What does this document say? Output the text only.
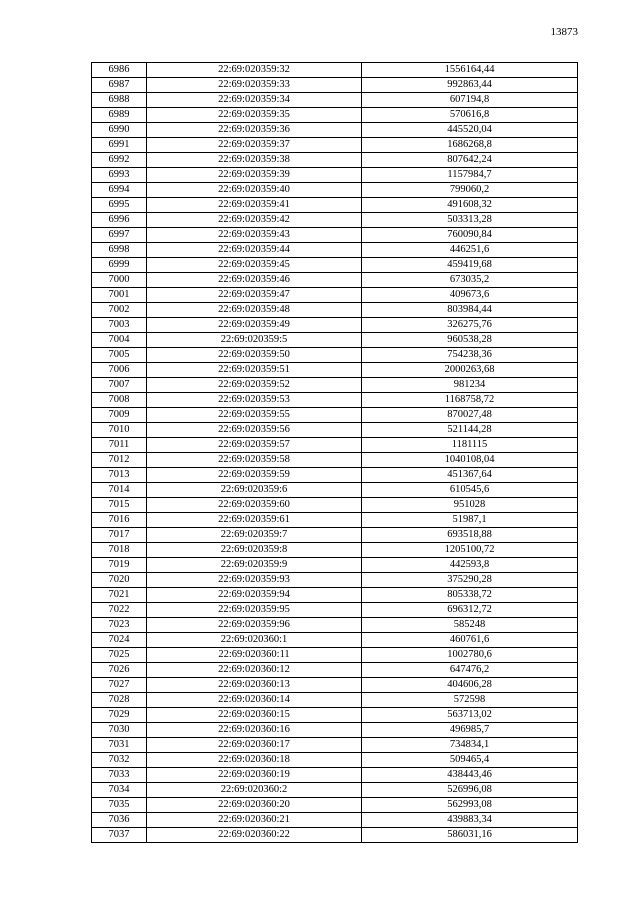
13873
6986	22:69:020359:32	1556164,44
6987	22:69:020359:33	992863,44
6988	22:69:020359:34	607194,8
6989	22:69:020359:35	570616,8
6990	22:69:020359:36	445520,04
6991	22:69:020359:37	1686268,8
6992	22:69:020359:38	807642,24
6993	22:69:020359:39	1157984,7
6994	22:69:020359:40	799060,2
6995	22:69:020359:41	491608,32
6996	22:69:020359:42	503313,28
6997	22:69:020359:43	760090,84
6998	22:69:020359:44	446251,6
6999	22:69:020359:45	459419,68
7000	22:69:020359:46	673035,2
7001	22:69:020359:47	409673,6
7002	22:69:020359:48	803984,44
7003	22:69:020359:49	326275,76
7004	22:69:020359:5	960538,28
7005	22:69:020359:50	754238,36
7006	22:69:020359:51	2000263,68
7007	22:69:020359:52	981234
7008	22:69:020359:53	1168758,72
7009	22:69:020359:55	870027,48
7010	22:69:020359:56	521144,28
7011	22:69:020359:57	1181115
7012	22:69:020359:58	1040108,04
7013	22:69:020359:59	451367,64
7014	22:69:020359:6	610545,6
7015	22:69:020359:60	951028
7016	22:69:020359:61	51987,1
7017	22:69:020359:7	693518,88
7018	22:69:020359:8	1205100,72
7019	22:69:020359:9	442593,8
7020	22:69:020359:93	375290,28
7021	22:69:020359:94	805338,72
7022	22:69:020359:95	696312,72
7023	22:69:020359:96	585248
7024	22:69:020360:1	460761,6
7025	22:69:020360:11	1002780,6
7026	22:69:020360:12	647476,2
7027	22:69:020360:13	404606,28
7028	22:69:020360:14	572598
7029	22:69:020360:15	563713,02
7030	22:69:020360:16	496985,7
7031	22:69:020360:17	734834,1
7032	22:69:020360:18	509465,4
7033	22:69:020360:19	438443,46
7034	22:69:020360:2	526996,08
7035	22:69:020360:20	562993,08
7036	22:69:020360:21	439883,34
7037	22:69:020360:22	586031,16
